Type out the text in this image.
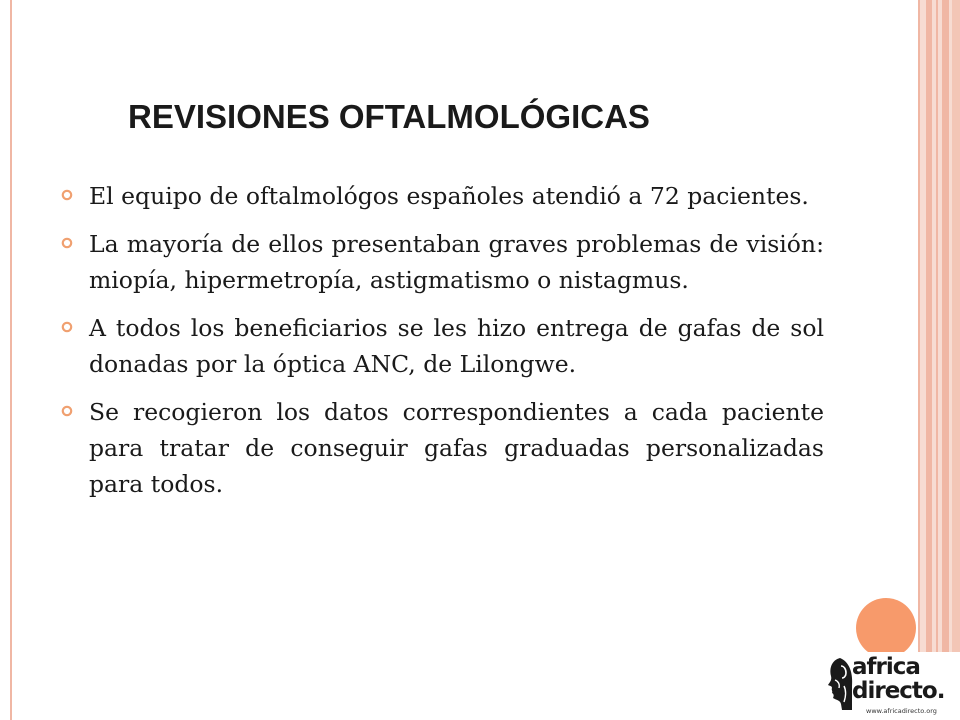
REVISIONES OFTALMOLÓGICAS
El equipo de oftalmológos españoles atendió a 72 pacientes.
La mayoría de ellos presentaban graves problemas de visión: miopía, hipermetropía, astigmatismo o nistagmus.
A todos los beneficiarios se les hizo entrega de gafas de sol donadas por la óptica ANC, de Lilongwe.
Se recogieron los datos correspondientes a cada paciente para tratar de conseguir gafas graduadas personalizadas para todos.
africa
directo.
www.africadirecto.org
